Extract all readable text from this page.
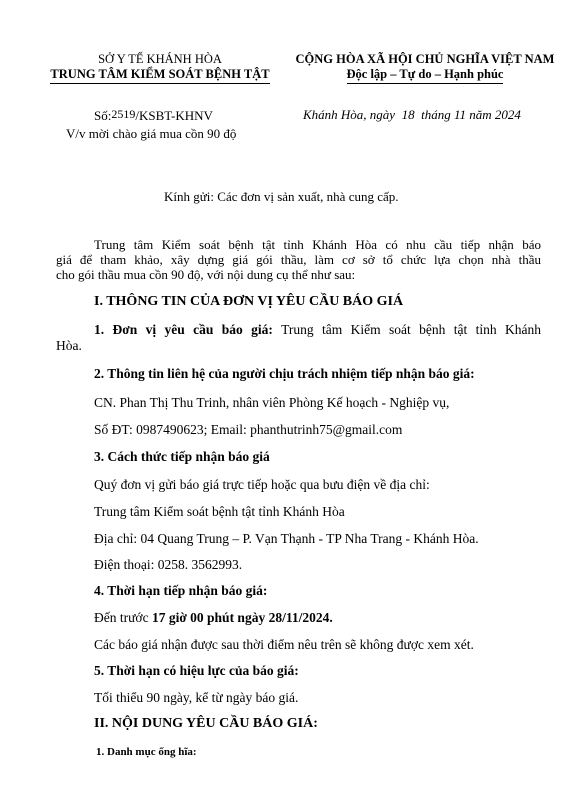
SỞ Y TẾ KHÁNH HÒA
TRUNG TÂM KIỂM SOÁT BỆNH TẬT
CỘNG HÒA XÃ HỘI CHỦ NGHĨA VIỆT NAM
Độc lập – Tự do – Hạnh phúc
Số:2519/KSBT-KHNV	Khánh Hòa, ngày 18 tháng 11 năm 2024
V/v mời chào giá mua cồn 90 độ
Kính gửi: Các đơn vị sản xuất, nhà cung cấp.
Trung tâm Kiểm soát bệnh tật tỉnh Khánh Hòa có nhu cầu tiếp nhận báo
giá để tham khảo, xây dựng giá gói thầu, làm cơ sở tổ chức lựa chọn nhà thầu
cho gói thầu mua cồn 90 độ, với nội dung cụ thể như sau:
I. THÔNG TIN CỦA ĐƠN VỊ YÊU CẦU BÁO GIÁ
1. Đơn vị yêu cầu báo giá: Trung tâm Kiểm soát bệnh tật tỉnh Khánh
Hòa.
2. Thông tin liên hệ của người chịu trách nhiệm tiếp nhận báo giá:
CN. Phan Thị Thu Trinh, nhân viên Phòng Kế hoạch - Nghiệp vụ,
Số ĐT: 0987490623; Email: phanthutrinh75@gmail.com
3. Cách thức tiếp nhận báo giá
Quý đơn vị gửi báo giá trực tiếp hoặc qua bưu điện về địa chỉ:
Trung tâm Kiểm soát bệnh tật tỉnh Khánh Hòa
Địa chỉ: 04 Quang Trung – P. Vạn Thạnh - TP Nha Trang - Khánh Hòa.
Điện thoại: 0258. 3562993.
4. Thời hạn tiếp nhận báo giá:
Đến trước 17 giờ 00 phút ngày 28/11/2024.
Các báo giá nhận được sau thời điểm nêu trên sẽ không được xem xét.
5. Thời hạn có hiệu lực của báo giá:
Tối thiểu 90 ngày, kể từ ngày báo giá.
II. NỘI DUNG YÊU CẦU BÁO GIÁ:
1. Danh mục ống hĩa:
